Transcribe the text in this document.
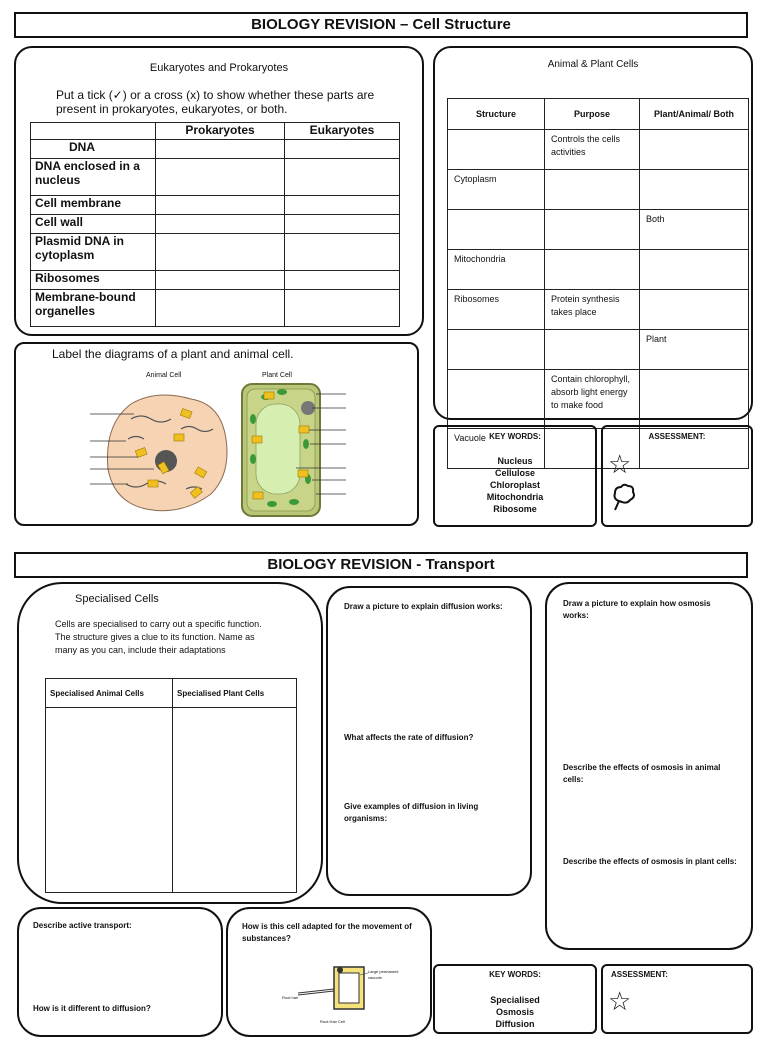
BIOLOGY REVISION – Cell Structure
Eukaryotes and Prokaryotes
Put a tick (✓) or a cross (x) to show whether these parts are present in prokaryotes, eukaryotes, or both.
	Prokaryotes	Eukaryotes
DNA		
DNA enclosed in a nucleus		
Cell membrane		
Cell wall		
Plasmid DNA in cytoplasm		
Ribosomes		
Membrane-bound organelles		
Animal & Plant Cells
Structure	Purpose	Plant/Animal/ Both
	Controls the cells activities	
Cytoplasm		
		Both
Mitochondria		
Ribosomes	Protein synthesis takes place	
		Plant
	Contain chlorophyll, absorb light energy to make food	
Vacuole		
Label the diagrams of a plant and animal cell.
Animal Cell	Plant Cell
KEY WORDS:
Nucleus
Cellulose
Chloroplast
Mitochondria
Ribosome
ASSESSMENT:
☆
BIOLOGY REVISION - Transport
Specialised Cells
Cells are specialised to carry out a specific function. The structure gives a clue to its function. Name as many as you can, include their adaptations
Specialised Animal Cells	Specialised Plant Cells

Draw a picture to explain diffusion works:
What affects the rate of diffusion?
Give examples of diffusion in living organisms:
Draw a picture to explain how osmosis works:
Describe the effects of osmosis in animal cells:
Describe the effects of osmosis in plant cells:
Describe active transport:
How is it different to diffusion?
How is this cell adapted for the movement of substances?
Large permanent vacuole
Root hair
Root Hair Cell
KEY WORDS:
Specialised
Osmosis
Diffusion
ASSESSMENT:
☆
